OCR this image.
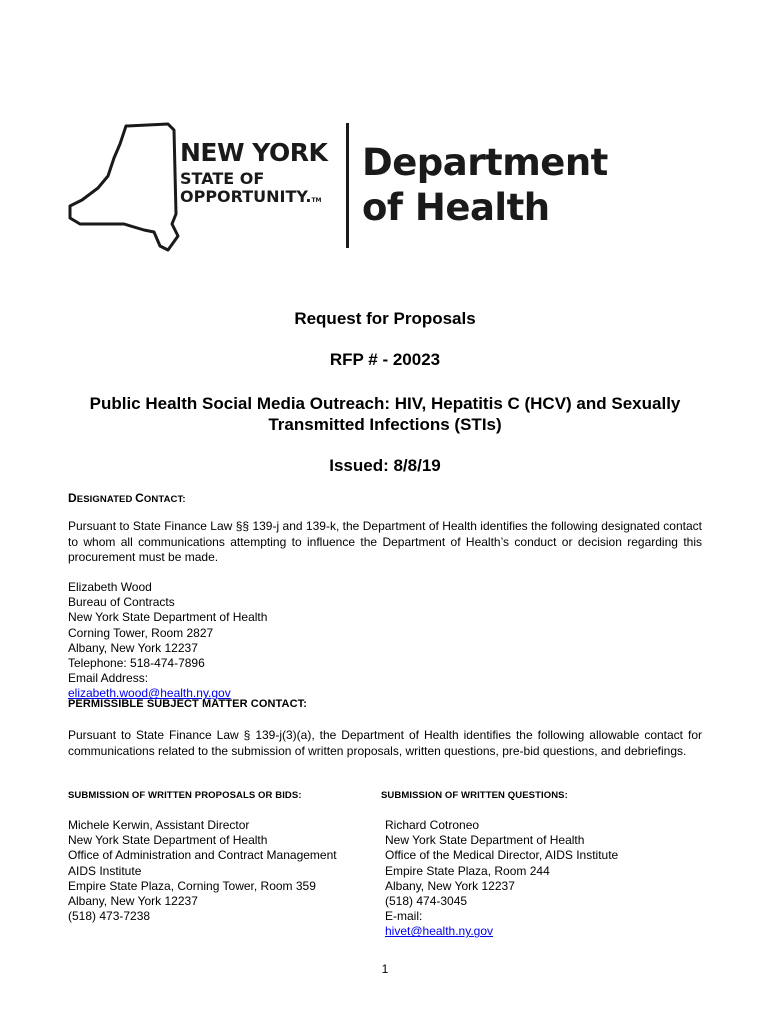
NEW YORK
STATE OF
OPPORTUNITY.TM
Department
of Health
Request for Proposals
RFP # - 20023
Public Health Social Media Outreach: HIV, Hepatitis C (HCV) and Sexually Transmitted Infections (STIs)
Issued: 8/8/19
DESIGNATED CONTACT:
Pursuant to State Finance Law §§ 139-j and 139-k, the Department of Health identifies the following designated contact to whom all communications attempting to influence the Department of Health’s conduct or decision regarding this procurement must be made.
Elizabeth Wood
Bureau of Contracts
New York State Department of Health
Corning Tower, Room 2827
Albany, New York 12237
Telephone: 518-474-7896
Email Address:
elizabeth.wood@health.ny.gov
PERMISSIBLE SUBJECT MATTER CONTACT:
Pursuant to State Finance Law § 139-j(3)(a), the Department of Health identifies the following allowable contact for communications related to the submission of written proposals, written questions, pre-bid questions, and debriefings.
SUBMISSION OF WRITTEN PROPOSALS OR BIDS:	SUBMISSION OF WRITTEN QUESTIONS:
Michele Kerwin, Assistant Director
New York State Department of Health
Office of Administration and Contract Management
AIDS Institute
Empire State Plaza, Corning Tower, Room 359
Albany, New York 12237
(518) 473-7238
Richard Cotroneo
New York State Department of Health
Office of the Medical Director, AIDS Institute
Empire State Plaza, Room 244
Albany, New York 12237
(518) 474-3045
E-mail:
hivet@health.ny.gov
1
